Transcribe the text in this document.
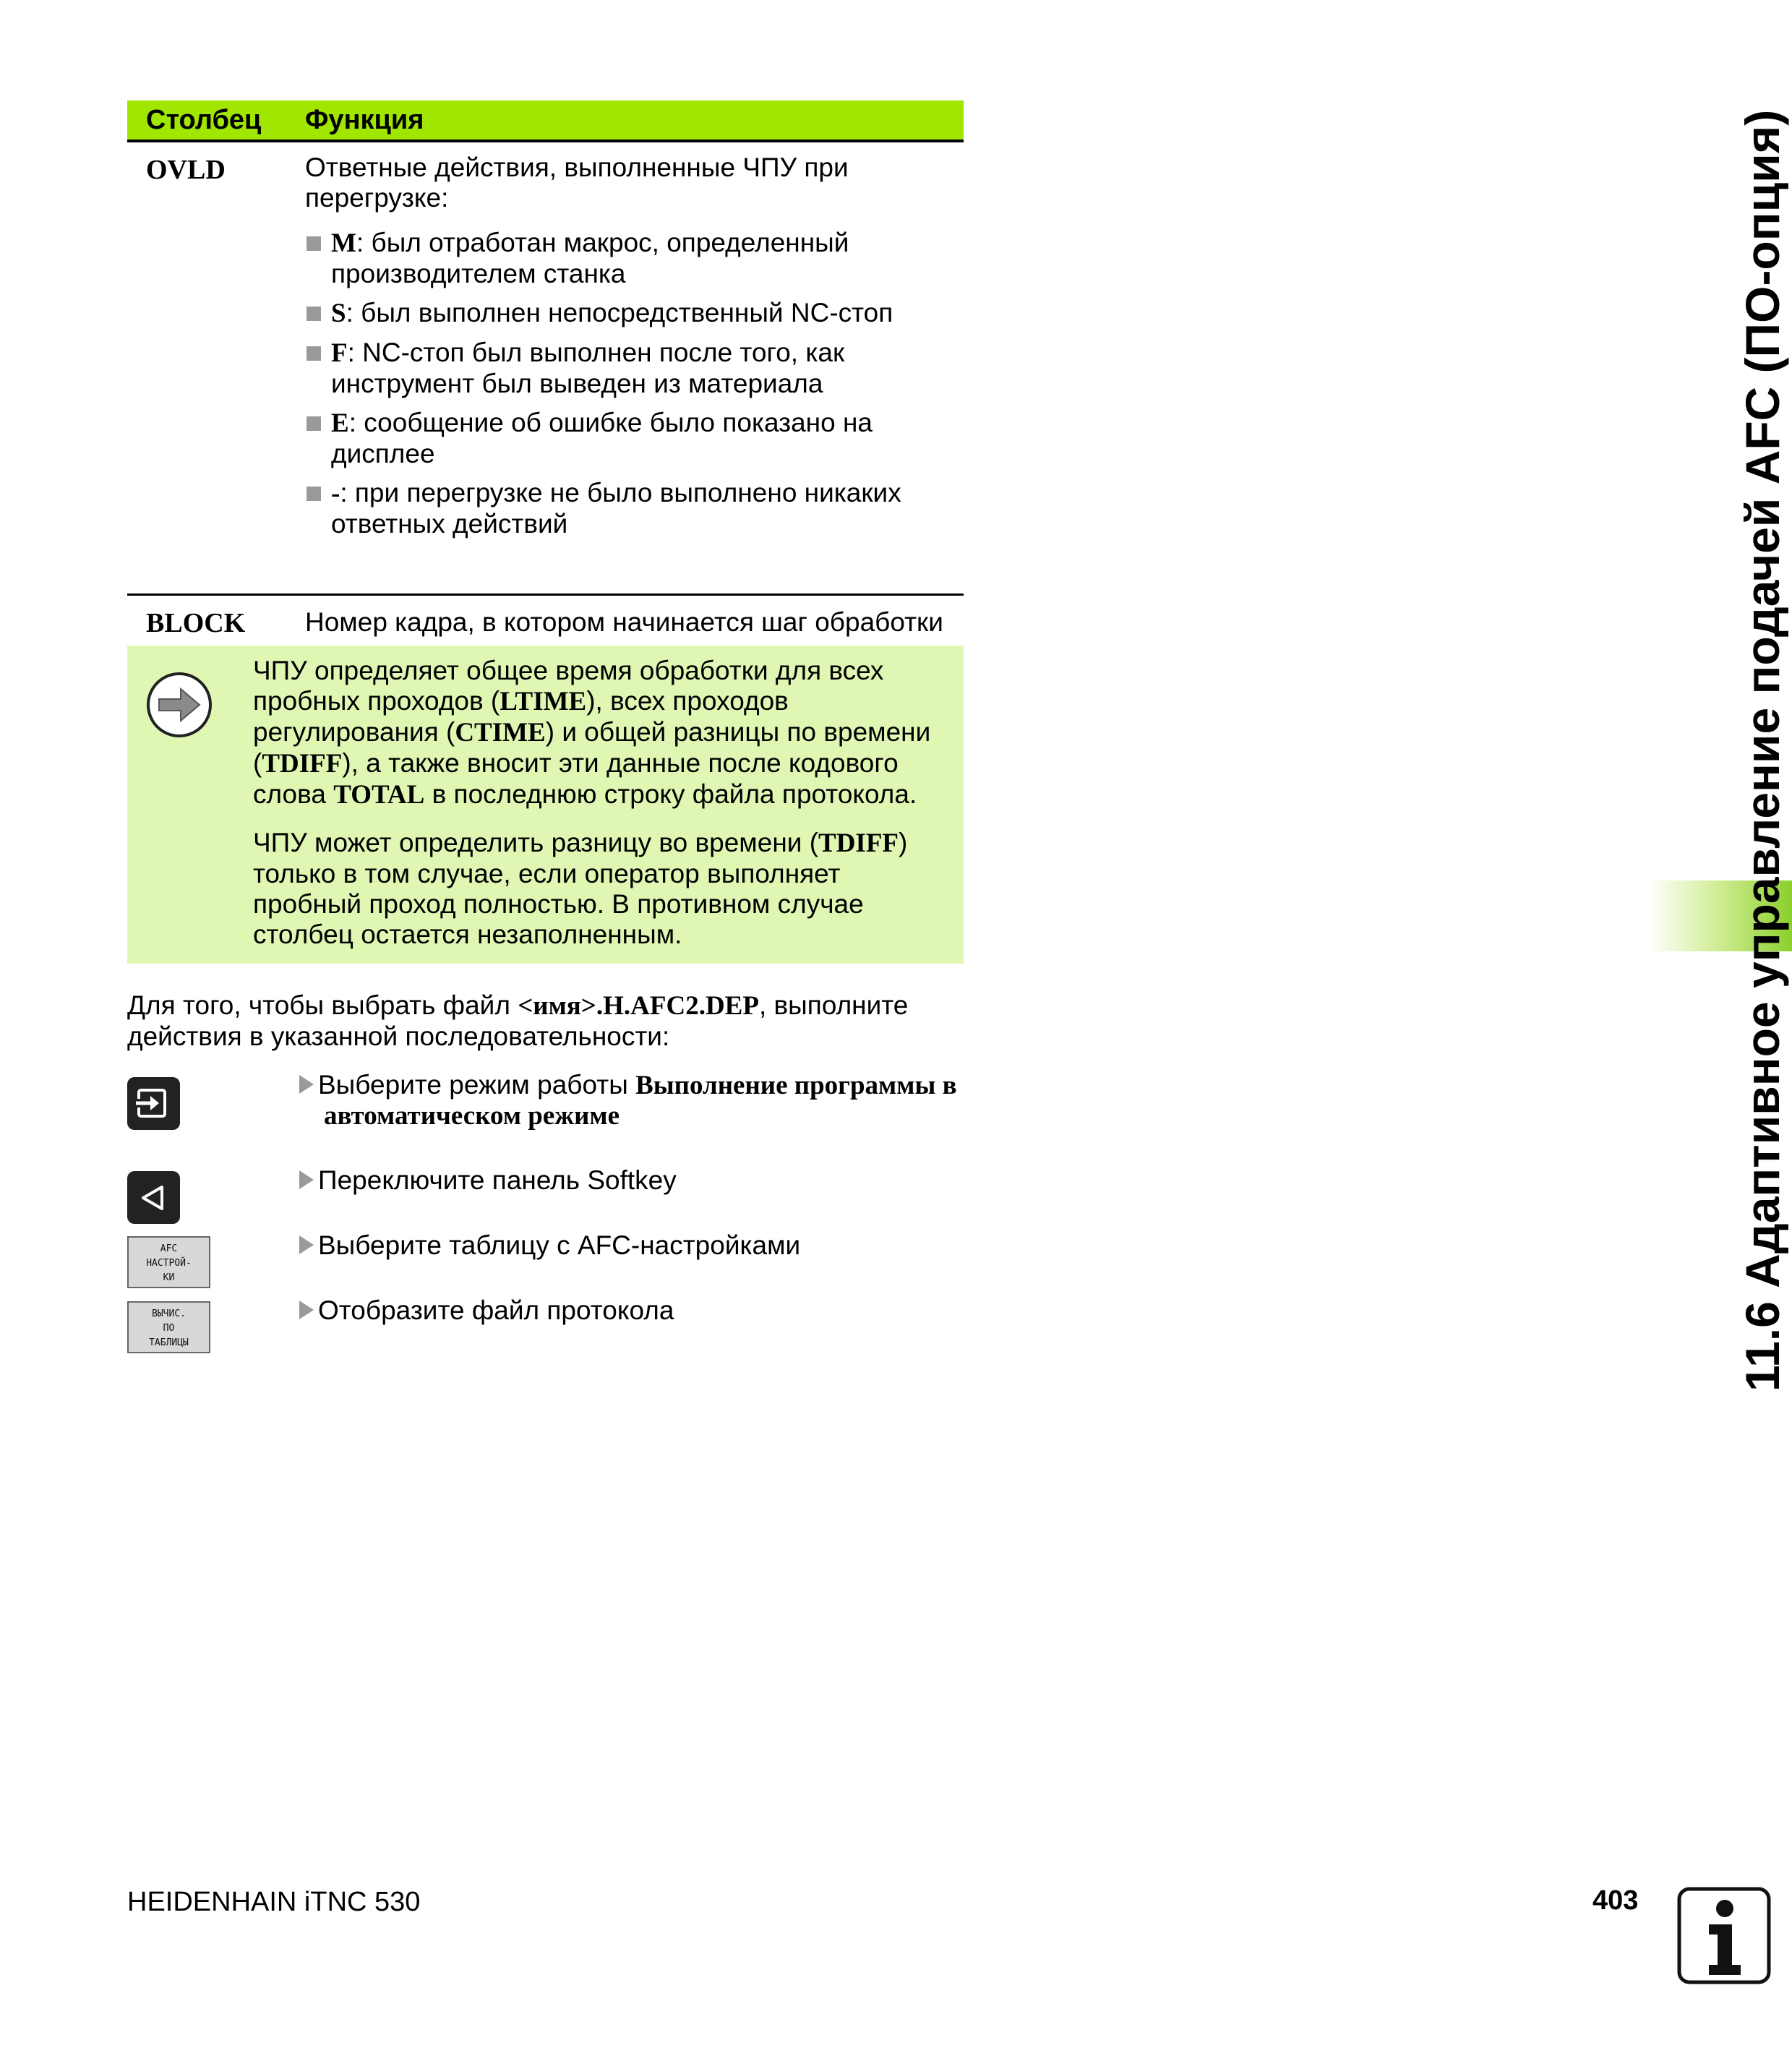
Столбец Функция
OVLD	Ответные действия, выполненные ЧПУ при перегрузке:
M: был отработан макрос, определенный производителем станка
S: был выполнен непосредственный NC-стоп
F: NC-стоп был выполнен после того, как инструмент был выведен из материала
E: сообщение об ошибке было показано на дисплее
-: при перегрузке не было выполнено никаких ответных действий
BLOCK Номер кадра, в котором начинается шаг обработки

ЧПУ определяет общее время обработки для всех пробных проходов (LTIME), всех проходов регулирования (CTIME) и общей разницы по времени (TDIFF), а также вносит эти данные после кодового слова TOTAL в последнюю строку файла протокола.

ЧПУ может определить разницу во времени (TDIFF) только в том случае, если оператор выполняет пробный проход полностью. В противном случае столбец остается незаполненным.

Для того, чтобы выбрать файл <имя>.H.AFC2.DEP, выполните действия в указанной последовательности:
AFC
НАСТРОЙ-
КИ
ВЫЧИС.
ПО
ТАБЛИЦЫ
Выберите режим работы Выполнение программы в
автоматическом режиме
Переключите панель Softkey
Выберите таблицу с AFC-настройками
Отобразите файл протокола	11.6 Адаптивное управление подачей AFC (ПО-опция)
HEIDENHAIN iTNC 530	403
